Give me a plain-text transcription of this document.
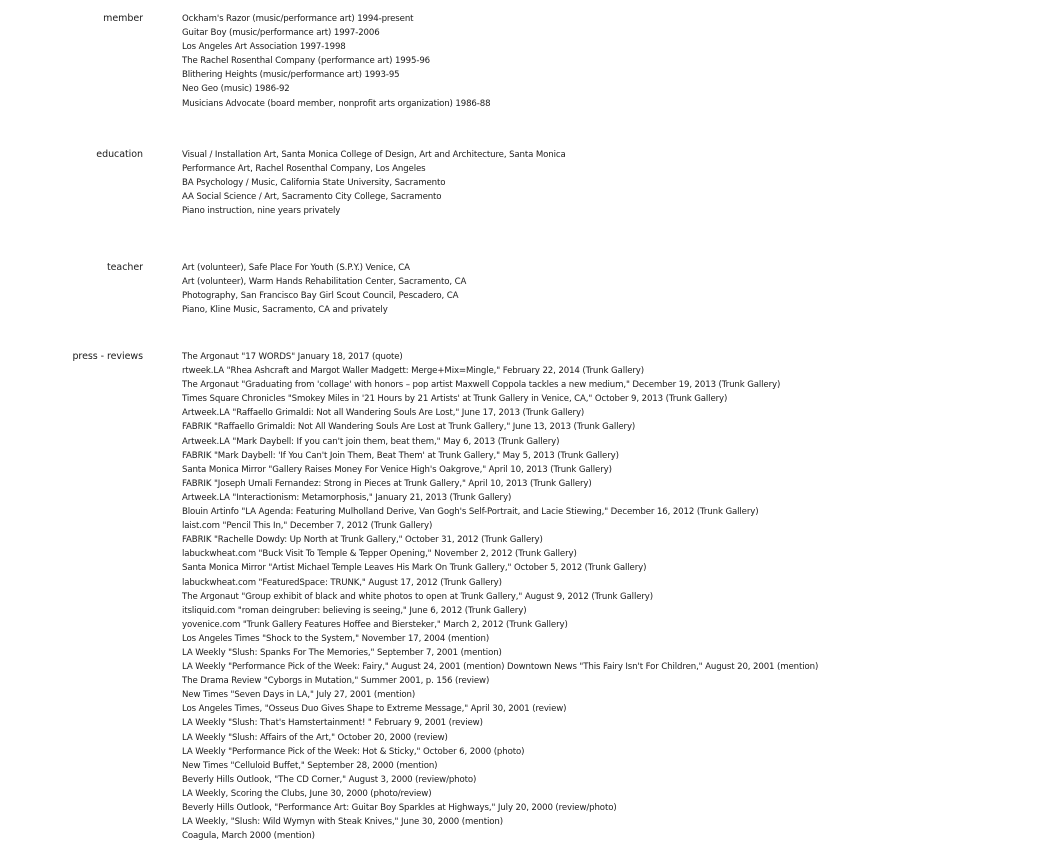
member	Ockham's Razor (music/performance art) 1994-present
Guitar Boy (music/performance art) 1997-2006
Los Angeles Art Association 1997-1998
The Rachel Rosenthal Company (performance art) 1995-96
Blithering Heights (music/performance art) 1993-95
Neo Geo (music) 1986-92
Musicians Advocate (board member, nonprofit arts organization) 1986-88
education	Visual / Installation Art, Santa Monica College of Design, Art and Architecture, Santa Monica
Performance Art, Rachel Rosenthal Company, Los Angeles
BA Psychology / Music, California State University, Sacramento
AA Social Science / Art, Sacramento City College, Sacramento
Piano instruction, nine years privately
teacher	Art (volunteer), Safe Place For Youth (S.P.Y.) Venice, CA
Art (volunteer), Warm Hands Rehabilitation Center, Sacramento, CA
Photography, San Francisco Bay Girl Scout Council, Pescadero, CA
Piano, Kline Music, Sacramento, CA and privately
press - reviews	The Argonaut "17 WORDS" January 18, 2017 (quote)
rtweek.LA "Rhea Ashcraft and Margot Waller Madgett: Merge+Mix=Mingle," February 22, 2014 (Trunk Gallery)
The Argonaut "Graduating from 'collage' with honors – pop artist Maxwell Coppola tackles a new medium," December 19, 2013 (Trunk Gallery)
Times Square Chronicles "Smokey Miles in '21 Hours by 21 Artists' at Trunk Gallery in Venice, CA," October 9, 2013 (Trunk Gallery)
Artweek.LA "Raffaello Grimaldi: Not all Wandering Souls Are Lost," June 17, 2013 (Trunk Gallery)
FABRIK "Raffaello Grimaldi: Not All Wandering Souls Are Lost at Trunk Gallery," June 13, 2013 (Trunk Gallery)
Artweek.LA "Mark Daybell: If you can't join them, beat them," May 6, 2013 (Trunk Gallery)
FABRIK "Mark Daybell: 'If You Can't Join Them, Beat Them' at Trunk Gallery," May 5, 2013 (Trunk Gallery)
Santa Monica Mirror "Gallery Raises Money For Venice High's Oakgrove," April 10, 2013 (Trunk Gallery)
FABRIK "Joseph Umali Fernandez: Strong in Pieces at Trunk Gallery," April 10, 2013 (Trunk Gallery)
Artweek.LA "Interactionism: Metamorphosis," January 21, 2013 (Trunk Gallery)
Blouin Artinfo "LA Agenda: Featuring Mulholland Derive, Van Gogh's Self-Portrait, and Lacie Stiewing," December 16, 2012 (Trunk Gallery)
laist.com "Pencil This In," December 7, 2012 (Trunk Gallery)
FABRIK "Rachelle Dowdy: Up North at Trunk Gallery," October 31, 2012 (Trunk Gallery)
labuckwheat.com "Buck Visit To Temple & Tepper Opening," November 2, 2012 (Trunk Gallery)
Santa Monica Mirror "Artist Michael Temple Leaves His Mark On Trunk Gallery," October 5, 2012 (Trunk Gallery)
labuckwheat.com "FeaturedSpace: TRUNK," August 17, 2012 (Trunk Gallery)
The Argonaut "Group exhibit of black and white photos to open at Trunk Gallery," August 9, 2012 (Trunk Gallery)
itsliquid.com "roman deingruber: believing is seeing," June 6, 2012 (Trunk Gallery)
yovenice.com "Trunk Gallery Features Hoffee and Biersteker," March 2, 2012 (Trunk Gallery)
Los Angeles Times "Shock to the System," November 17, 2004 (mention)
LA Weekly "Slush: Spanks For The Memories," September 7, 2001 (mention)
LA Weekly "Performance Pick of the Week: Fairy," August 24, 2001 (mention) Downtown News "This Fairy Isn't For Children," August 20, 2001 (mention)
The Drama Review "Cyborgs in Mutation," Summer 2001, p. 156 (review)
New Times "Seven Days in LA," July 27, 2001 (mention)
Los Angeles Times, "Osseus Duo Gives Shape to Extreme Message," April 30, 2001 (review)
LA Weekly "Slush: That's Hamstertainment! " February 9, 2001 (review)
LA Weekly "Slush: Affairs of the Art," October 20, 2000 (review)
LA Weekly "Performance Pick of the Week: Hot & Sticky," October 6, 2000 (photo)
New Times "Celluloid Buffet," September 28, 2000 (mention)
Beverly Hills Outlook, "The CD Corner," August 3, 2000 (review/photo)
LA Weekly, Scoring the Clubs, June 30, 2000 (photo/review)
Beverly Hills Outlook, "Performance Art: Guitar Boy Sparkles at Highways," July 20, 2000 (review/photo)
LA Weekly, "Slush: Wild Wymyn with Steak Knives," June 30, 2000 (mention)
Coagula, March 2000 (mention)
